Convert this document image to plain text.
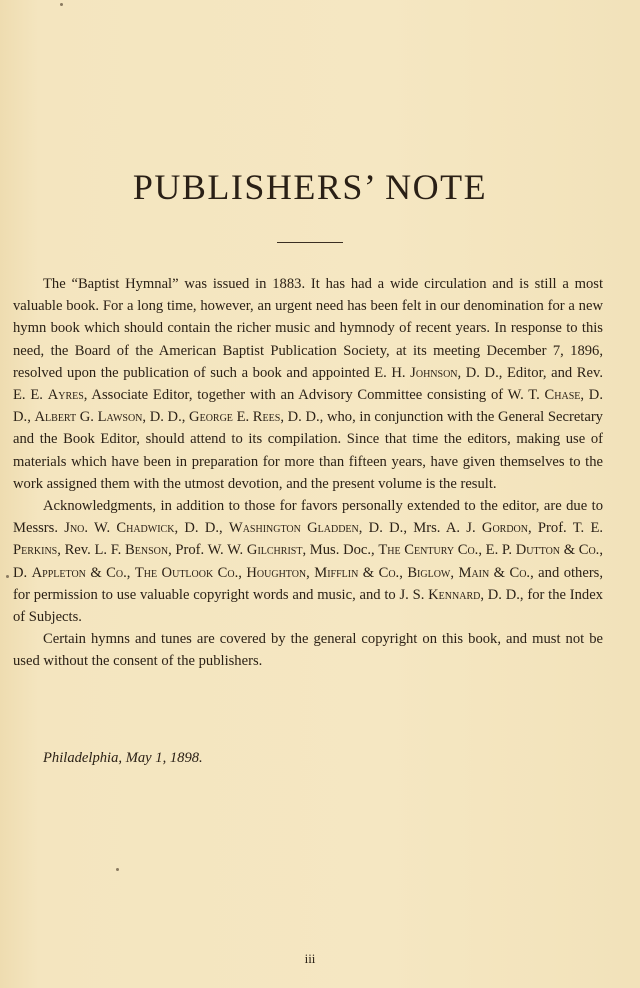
PUBLISHERS’ NOTE

The “Baptist Hymnal” was issued in 1883. It has had a wide circulation and is still a most valuable book. For a long time, however, an urgent need has been felt in our denomination for a new hymn book which should contain the richer music and hymnody of recent years. In response to this need, the Board of the American Baptist Publication Society, at its meeting December 7, 1896, resolved upon the publication of such a book and appointed E. H. Johnson, D. D., Editor, and Rev. E. E. Ayres, Associate Editor, together with an Advisory Committee consisting of W. T. Chase, D. D., Albert G. Lawson, D. D., George E. Rees, D. D., who, in conjunction with the General Secretary and the Book Editor, should attend to its compilation. Since that time the editors, making use of materials which have been in preparation for more than fifteen years, have given themselves to the work assigned them with the utmost devotion, and the present volume is the result.

Acknowledgments, in addition to those for favors personally extended to the editor, are due to Messrs. Jno. W. Chadwick, D. D., Washington Gladden, D. D., Mrs. A. J. Gordon, Prof. T. E. Perkins, Rev. L. F. Benson, Prof. W. W. Gilchrist, Mus. Doc., The Century Co., E. P. Dutton & Co., D. Appleton & Co., The Outlook Co., Houghton, Mifflin & Co., Biglow, Main & Co., and others, for permission to use valuable copyright words and music, and to J. S. Kennard, D. D., for the Index of Subjects.

Certain hymns and tunes are covered by the general copyright on this book, and must not be used without the consent of the publishers.

Philadelphia, May 1, 1898.
iii
